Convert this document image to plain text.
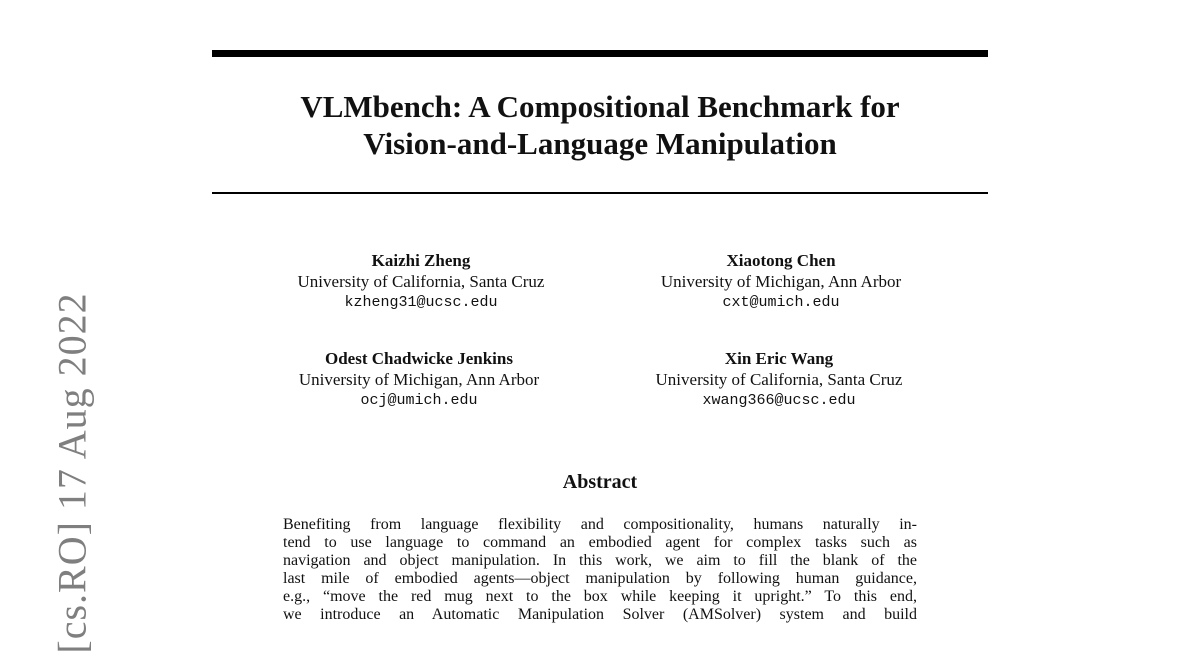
VLMbench: A Compositional Benchmark for
Vision-and-Language Manipulation
Kaizhi Zheng
University of California, Santa Cruz
kzheng31@ucsc.edu
Xiaotong Chen
University of Michigan, Ann Arbor
cxt@umich.edu
Odest Chadwicke Jenkins
University of Michigan, Ann Arbor
ocj@umich.edu
Xin Eric Wang
University of California, Santa Cruz
xwang366@ucsc.edu
Abstract
Benefiting from language flexibility and compositionality, humans naturally in-
tend to use language to command an embodied agent for complex tasks such as
navigation and object manipulation. In this work, we aim to fill the blank of the
last mile of embodied agents—object manipulation by following human guidance,
e.g., “move the red mug next to the box while keeping it upright.” To this end,
we introduce an Automatic Manipulation Solver (AMSolver) system and build
[cs.RO] 17 Aug 2022
